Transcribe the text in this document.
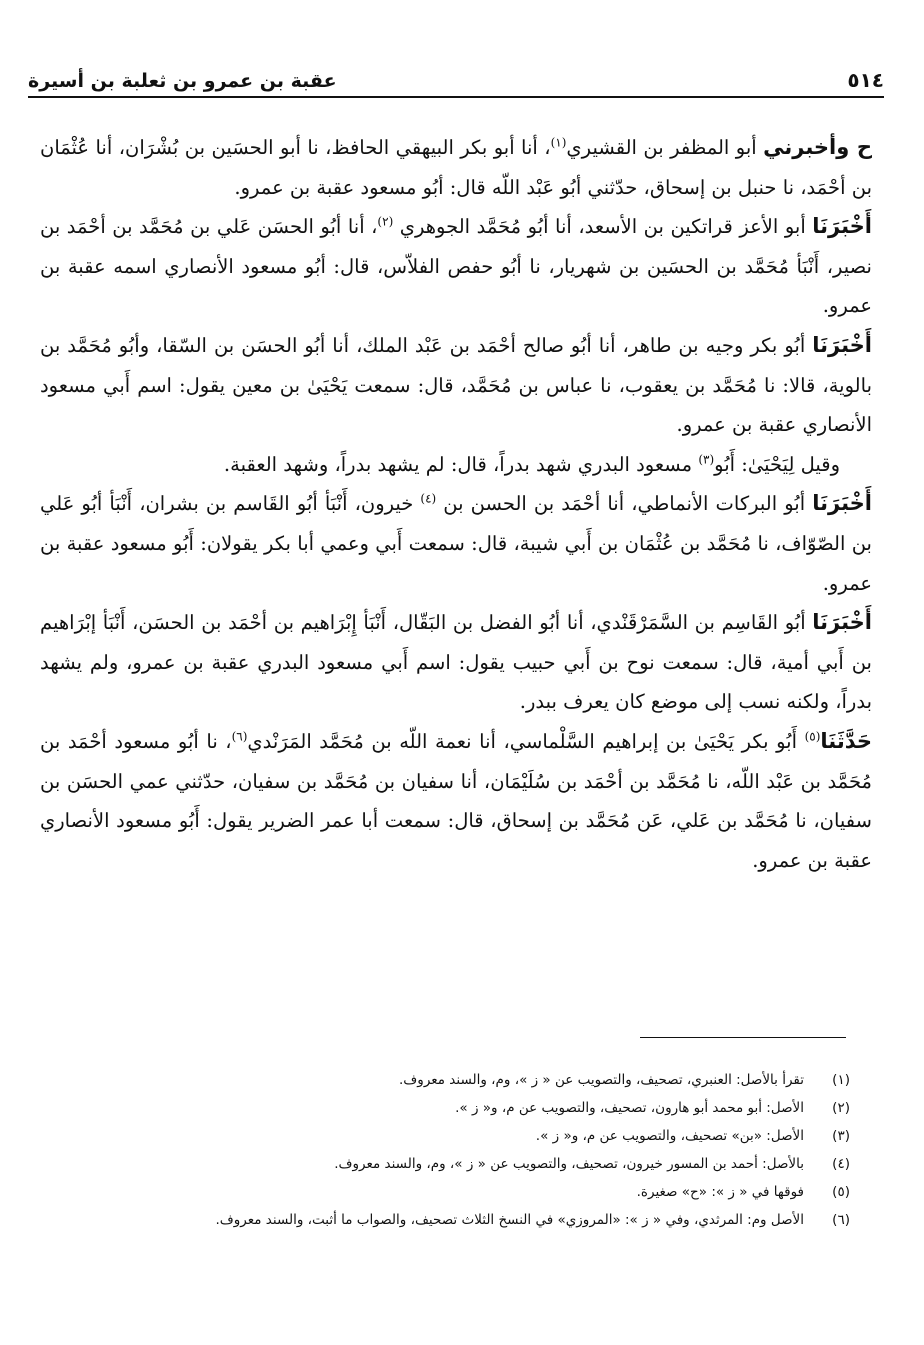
٥١٤
عقبة بن عمرو بن ثعلبة بن أسيرة

ح وأخبرني أبو المظفر بن القشيري$^{(١)}$، أنا أبو بكر البيهقي الحافظ، نا أبو الحسَين بن بُشْرَان، أنا عُثْمَان بن أحْمَد، نا حنبل بن إسحاق، حدّثني أبُو عَبْد اللّه قال: أبُو مسعود عقبة بن عمرو.

أَخْبَرَنَا أبو الأعز قراتكين بن الأسعد، أنا أبُو مُحَمَّد الجوهري $^{(٢)}$، أنا أبُو الحسَن عَلي بن مُحَمَّد بن أحْمَد بن نصير، أَنْبَأ مُحَمَّد بن الحسَين بن شهريار، نا أبُو حفص الفلاّس، قال: أبُو مسعود الأنصاري اسمه عقبة بن عمرو.

أَخْبَرَنَا أبُو بكر وجيه بن طاهر، أنا أبُو صالح أحْمَد بن عَبْد الملك، أنا أبُو الحسَن بن السّقا، وأبُو مُحَمَّد بن بالوية، قالا: نا مُحَمَّد بن يعقوب، نا عباس بن مُحَمَّد، قال: سمعت يَحْيَىٰ بن معين يقول: اسم أَبي مسعود الأنصاري عقبة بن عمرو.

وقيل لِيَحْيَىٰ: أَبُو$^{(٣)}$ مسعود البدري شهد بدراً، قال: لم يشهد بدراً، وشهد العقبة.

أَخْبَرَنَا أبُو البركات الأنماطي، أنا أحْمَد بن الحسن بن $^{(٤)}$ خيرون، أَنْبَأ أبُو القَاسم بن بشران، أَنْبَأ أبُو عَلي بن الصّوّاف، نا مُحَمَّد بن عُثْمَان بن أَبي شيبة، قال: سمعت أَبي وعمي أبا بكر يقولان: أَبُو مسعود عقبة بن عمرو.

أَخْبَرَنَا أبُو القَاسِم بن السَّمَرْقَنْدي، أنا أبُو الفضل بن البَقّال، أَنْبَأ إِبْرَاهيم بن أحْمَد بن الحسَن، أَنْبَأ إبْرَاهيم بن أَبي أمية، قال: سمعت نوح بن أَبي حبيب يقول: اسم أَبي مسعود البدري عقبة بن عمرو، ولم يشهد بدراً، ولكنه نسب إلى موضع كان يعرف ببدر.

حَدَّثَنَا$^{(٥)}$ أَبُو بكر يَحْيَىٰ بن إبراهيم السَّلْماسي، أنا نعمة اللّه بن مُحَمَّد المَرَنْدي$^{(٦)}$، نا أبُو مسعود أحْمَد بن مُحَمَّد بن عَبْد اللّه، نا مُحَمَّد بن أحْمَد بن سُلَيْمَان، أنا سفيان بن مُحَمَّد بن سفيان، حدّثني عمي الحسَن بن سفيان، نا مُحَمَّد بن عَلي، عَن مُحَمَّد بن إسحاق، قال: سمعت أبا عمر الضرير يقول: أَبُو مسعود الأنصاري عقبة بن عمرو.

(١)
تقرأ بالأصل: العنبري، تصحيف، والتصويب عن « ز »، وم، والسند معروف.
(٢)
الأصل: أبو محمد أبو هارون، تصحيف، والتصويب عن م، و« ز ».
(٣)
الأصل: «بن» تصحيف، والتصويب عن م، و« ز ».
(٤)
بالأصل: أحمد بن المسور خيرون، تصحيف، والتصويب عن « ز »، وم، والسند معروف.
(٥)
فوقها في « ز »: «ح» صغيرة.
(٦)
الأصل وم: المرثدي، وفي « ز »: «المروزي» في النسخ الثلاث تصحيف، والصواب ما أثبت، والسند معروف.
